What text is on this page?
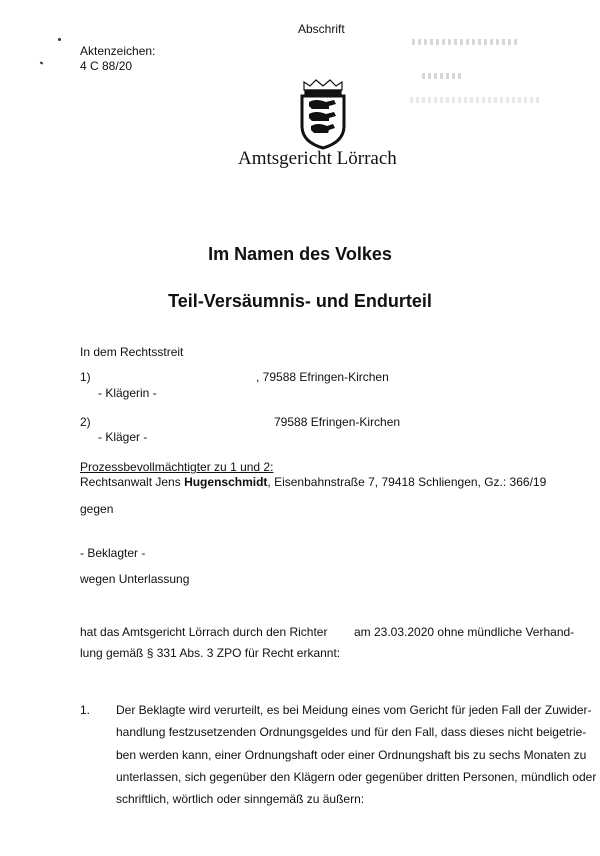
Abschrift
Aktenzeichen:
4 C 88/20
Amtsgericht Lörrach
Im Namen des Volkes
Teil-Versäumnis- und Endurteil
In dem Rechtsstreit
1)	, 79588 Efringen-Kirchen
- Klägerin -
2)	79588 Efringen-Kirchen
- Kläger -
Prozessbevollmächtigter zu 1 und 2:
Rechtsanwalt Jens Hugenschmidt, Eisenbahnstraße 7, 79418 Schliengen, Gz.: 366/19
gegen
- Beklagter -
wegen Unterlassung
hat das Amtsgericht Lörrach durch den Richter am 23.03.2020 ohne mündliche Verhand-
lung gemäß § 331 Abs. 3 ZPO für Recht erkannt:
1. Der Beklagte wird verurteilt, es bei Meidung eines vom Gericht für jeden Fall der Zuwider-
handlung festzusetzenden Ordnungsgeldes und für den Fall, dass dieses nicht beigetrie-
ben werden kann, einer Ordnungshaft oder einer Ordnungshaft bis zu sechs Monaten zu
unterlassen, sich gegenüber den Klägern oder gegenüber dritten Personen, mündlich oder
schriftlich, wörtlich oder sinngemäß zu äußern:
